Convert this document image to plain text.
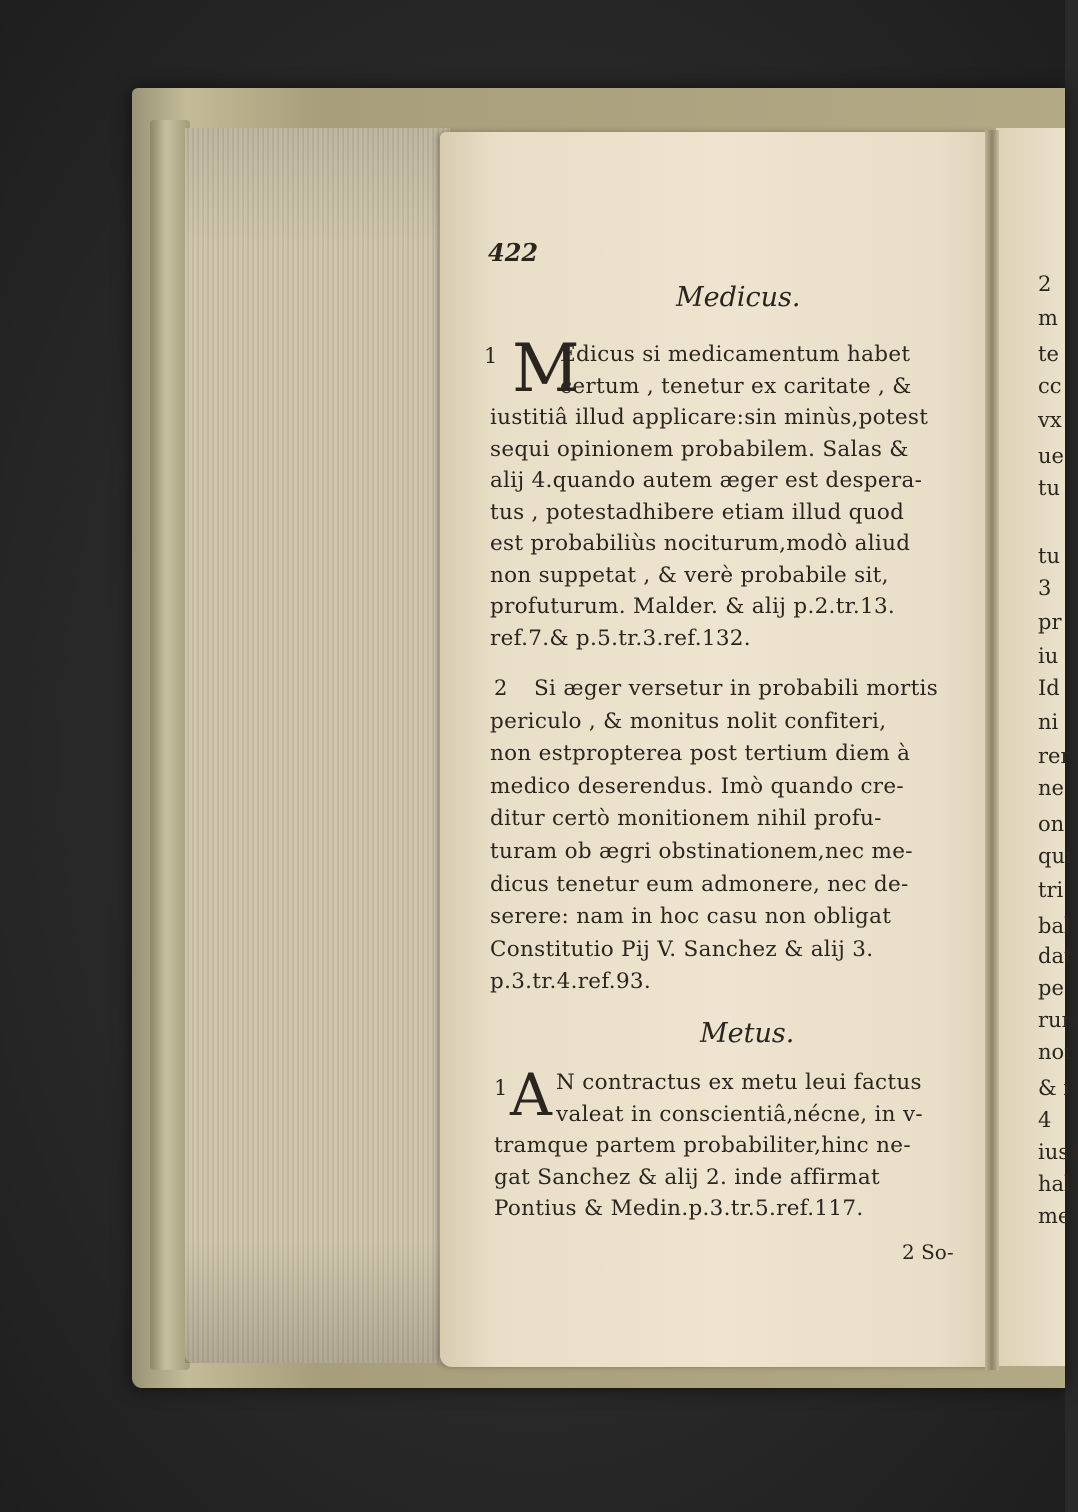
422
Medicus.
1 M
Edicus si medicamentum habet
certum , tenetur ex caritate , &
iustitiâ illud applicare:sin minùs,potest
sequi opinionem probabilem. Salas &
alij 4.quando autem æger est despera-
tus , potestadhibere etiam illud quod
est probabiliùs nociturum,modò aliud
non suppetat , & verè probabile sit,
profuturum. Malder. & alij p.2.tr.13.
ref.7.& p.5.tr.3.ref.132.
2 Si æger versetur in probabili mortis
periculo , & monitus nolit confiteri,
non estpropterea post tertium diem à
medico deserendus. Imò quando cre-
ditur certò monitionem nihil profu-
turam ob ægri obstinationem,nec me-
dicus tenetur eum admonere, nec de-
serere: nam in hoc casu non obligat
Constitutio Pij V. Sanchez & alij 3.
p.3.tr.4.ref.93.
Metus.
1 A N contractus ex metu leui factus
valeat in conscientiâ,nécne, in v-
tramque partem probabiliter,hinc ne-
gat Sanchez & alij 2. inde affirmat
Pontius & Medin.p.3.tr.5.ref.117.
2 So-
2
m
te
cc
vx
ue
tu
tu
3
pr
iu
Id
ni
rer
ne
on
qui
tri
bal
dat
pe
run
nor
& i
4
iust
hab
me
